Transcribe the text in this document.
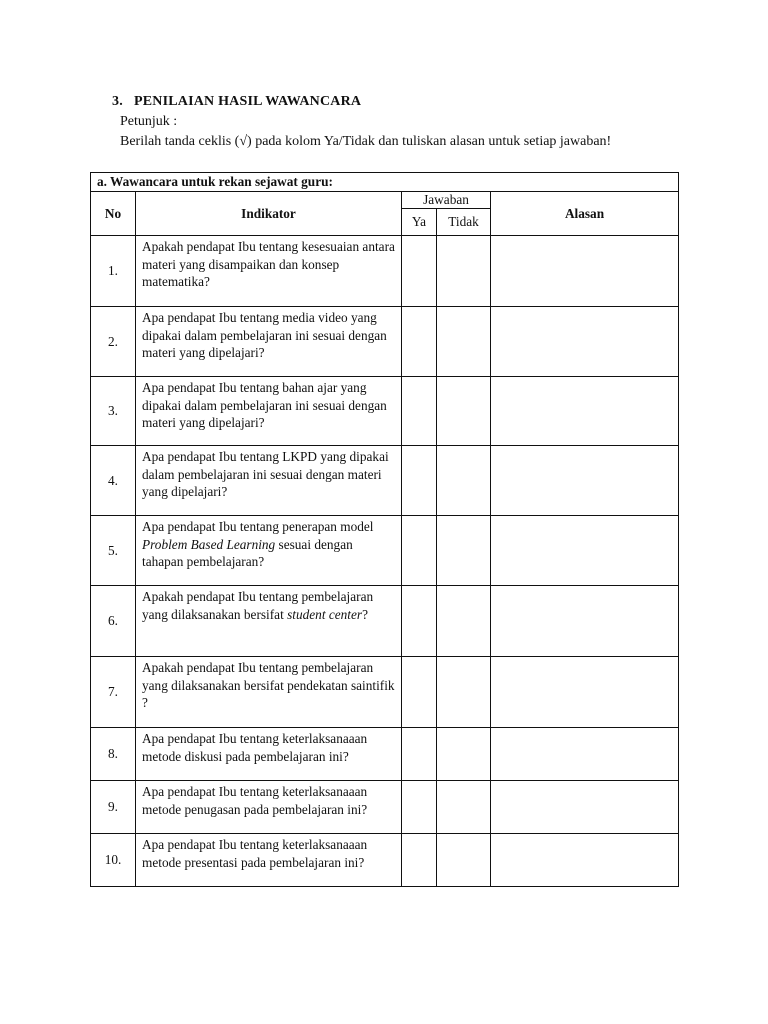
3. PENILAIAN HASIL WAWANCARA
Petunjuk :
Berilah tanda ceklis (√) pada kolom Ya/Tidak dan tuliskan alasan untuk setiap jawaban!
a. Wawancara untuk rekan sejawat guru:				
No	Indikator	Jawaban		Alasan
		Ya	Tidak	
1.	Apakah pendapat Ibu tentang kesesuaian antara materi yang disampaikan dan konsep matematika?			
2.	Apa pendapat Ibu tentang media video yang dipakai dalam pembelajaran ini sesuai dengan materi yang dipelajari?			
3.	Apa pendapat Ibu tentang bahan ajar yang dipakai dalam pembelajaran ini sesuai dengan materi yang dipelajari?			
4.	Apa pendapat Ibu tentang LKPD yang dipakai dalam pembelajaran ini sesuai dengan materi yang dipelajari?			
5.	Apa pendapat Ibu tentang penerapan model Problem Based Learning sesuai dengan tahapan pembelajaran?			
6.	Apakah pendapat Ibu tentang pembelajaran yang dilaksanakan bersifat student center?			
7.	Apakah pendapat Ibu tentang pembelajaran yang dilaksanakan bersifat pendekatan saintifik ?			
8.	Apa pendapat Ibu tentang keterlaksanaaan metode diskusi pada pembelajaran ini?			
9.	Apa pendapat Ibu tentang keterlaksanaaan metode penugasan pada pembelajaran ini?			
10.	Apa pendapat Ibu tentang keterlaksanaaan metode presentasi pada pembelajaran ini?			
